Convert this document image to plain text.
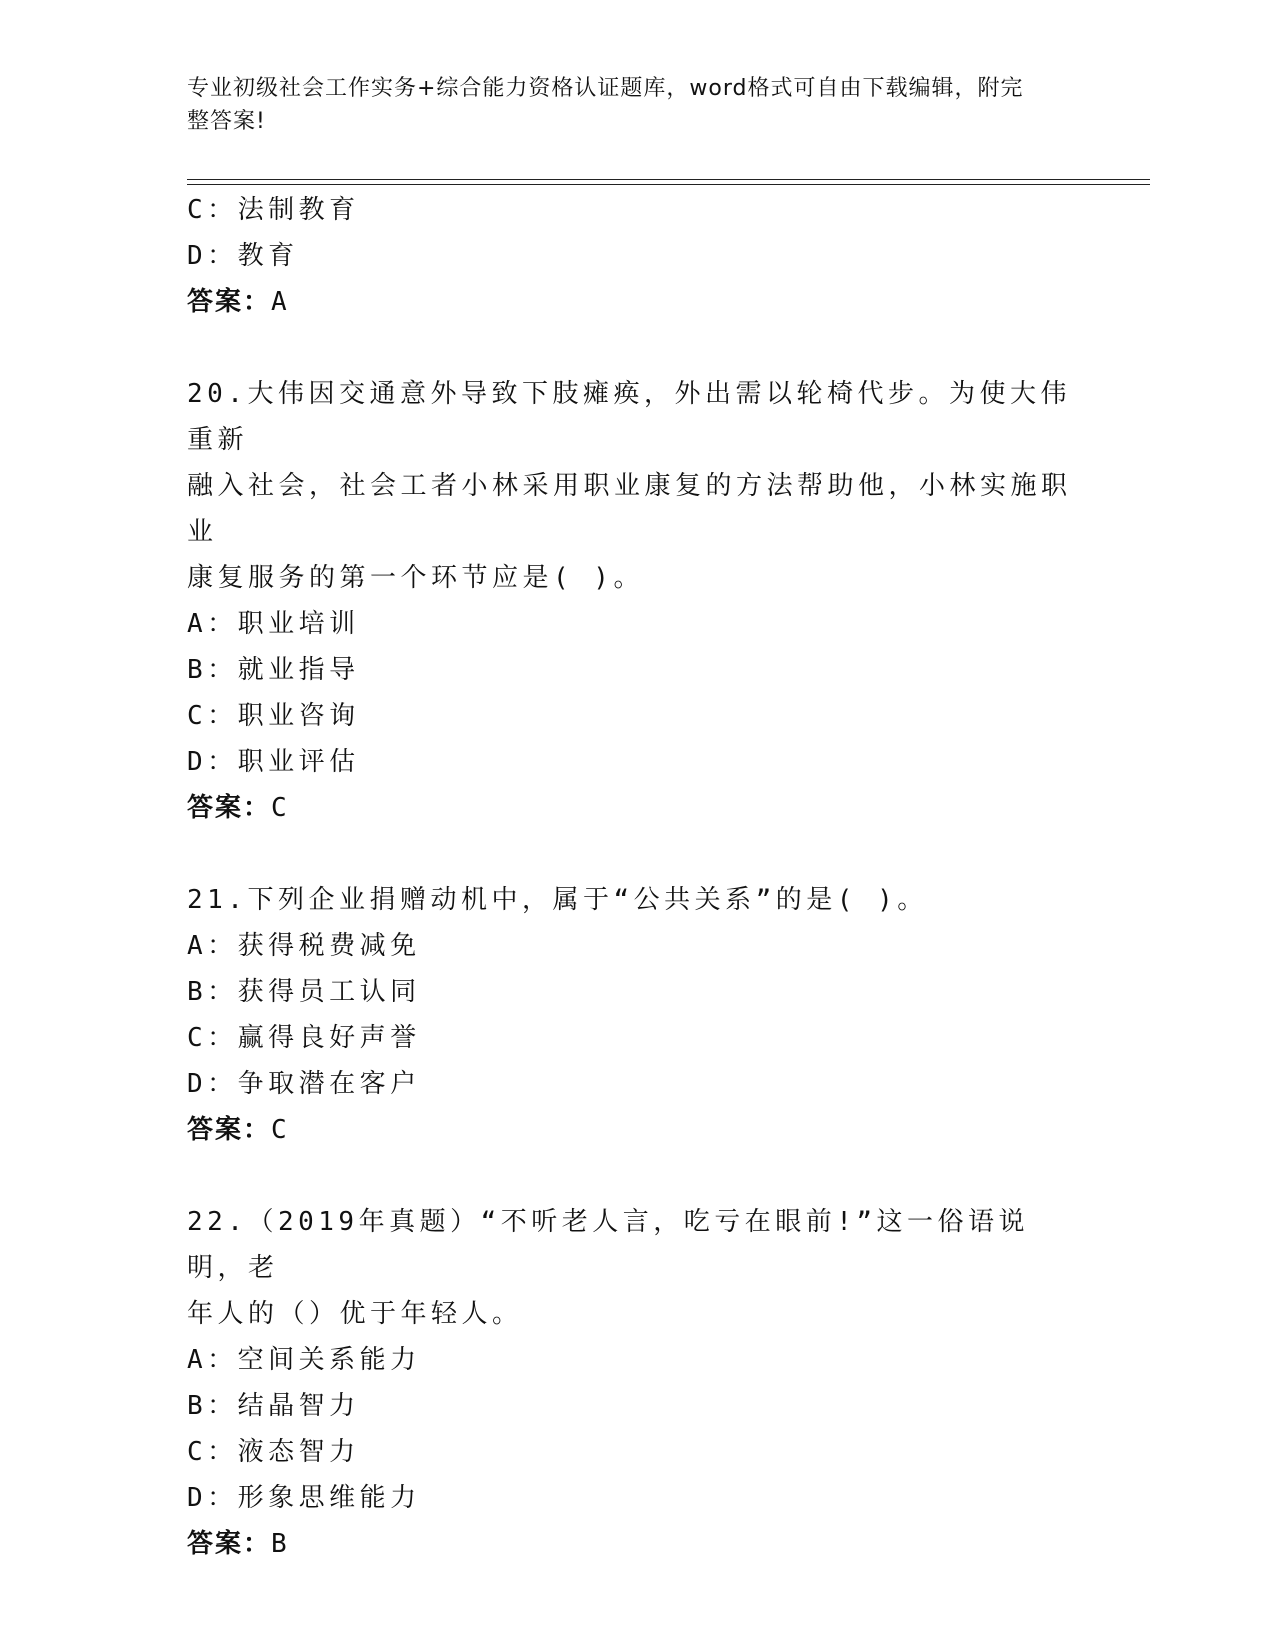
专业初级社会工作实务+综合能力资格认证题库，word格式可自由下载编辑，附完
整答案!
C：法制教育
D：教育
答案：A
20.大伟因交通意外导致下肢瘫痪，外出需以轮椅代步。为使大伟重新
融入社会，社会工者小林采用职业康复的方法帮助他，小林实施职业
康复服务的第一个环节应是( )。
A：职业培训
B：就业指导
C：职业咨询
D：职业评估
答案：C
21.下列企业捐赠动机中，属于“公共关系”的是( )。
A：获得税费减免
B：获得员工认同
C：赢得良好声誉
D：争取潜在客户
答案：C
22.（2019年真题）“不听老人言，吃亏在眼前!”这一俗语说明，老
年人的（）优于年轻人。
A：空间关系能力
B：结晶智力
C：液态智力
D：形象思维能力
答案：B
